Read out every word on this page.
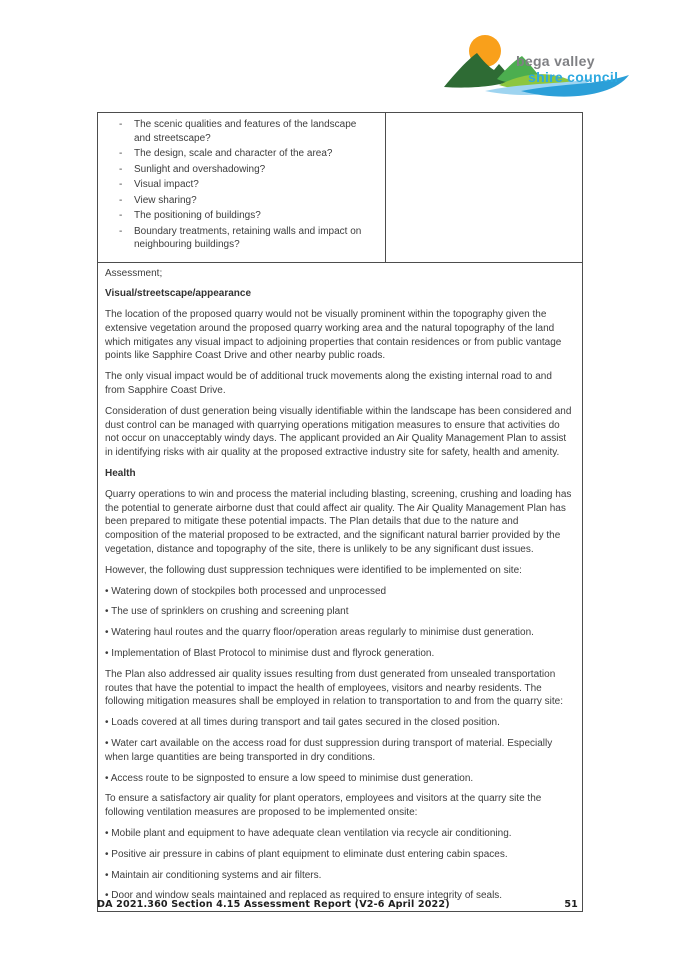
bega valley
shire council
-	The scenic qualities and features of the landscape and streetscape?
-	The design, scale and character of the area?
-	Sunlight and overshadowing?
-	Visual impact?
-	View sharing?
-	The positioning of buildings?
-	Boundary treatments, retaining walls and impact on neighbouring buildings?

Assessment;

Visual/streetscape/appearance

The location of the proposed quarry would not be visually prominent within the topography given the extensive vegetation around the proposed quarry working area and the natural topography of the land which mitigates any visual impact to adjoining properties that contain residences or from public vantage points like Sapphire Coast Drive and other nearby public roads.

The only visual impact would be of additional truck movements along the existing internal road to and from Sapphire Coast Drive.

Consideration of dust generation being visually identifiable within the landscape has been considered and dust control can be managed with quarrying operations mitigation measures to ensure that activities do not occur on unacceptably windy days. The applicant provided an Air Quality Management Plan to assist in identifying risks with air quality at the proposed extractive industry site for safety, health and amenity.

Health

Quarry operations to win and process the material including blasting, screening, crushing and loading has the potential to generate airborne dust that could affect air quality. The Air Quality Management Plan has been prepared to mitigate these potential impacts. The Plan details that due to the nature and composition of the material proposed to be extracted, and the significant natural barrier provided by the vegetation, distance and topography of the site, there is unlikely to be any significant dust issues.

However, the following dust suppression techniques were identified to be implemented on site:

• Watering down of stockpiles both processed and unprocessed

• The use of sprinklers on crushing and screening plant

• Watering haul routes and the quarry floor/operation areas regularly to minimise dust generation.

• Implementation of Blast Protocol to minimise dust and flyrock generation.

The Plan also addressed air quality issues resulting from dust generated from unsealed transportation routes that have the potential to impact the health of employees, visitors and nearby residents. The following mitigation measures shall be employed in relation to transportation to and from the quarry site:

• Loads covered at all times during transport and tail gates secured in the closed position.

• Water cart available on the access road for dust suppression during transport of material. Especially when large quantities are being transported in dry conditions.

• Access route to be signposted to ensure a low speed to minimise dust generation.

To ensure a satisfactory air quality for plant operators, employees and visitors at the quarry site the following ventilation measures are proposed to be implemented onsite:

• Mobile plant and equipment to have adequate clean ventilation via recycle air conditioning.

• Positive air pressure in cabins of plant equipment to eliminate dust entering cabin spaces.

• Maintain air conditioning systems and air filters.

• Door and window seals maintained and replaced as required to ensure integrity of seals.

DA 2021.360 Section 4.15 Assessment Report (V2-6 April 2022)	51
